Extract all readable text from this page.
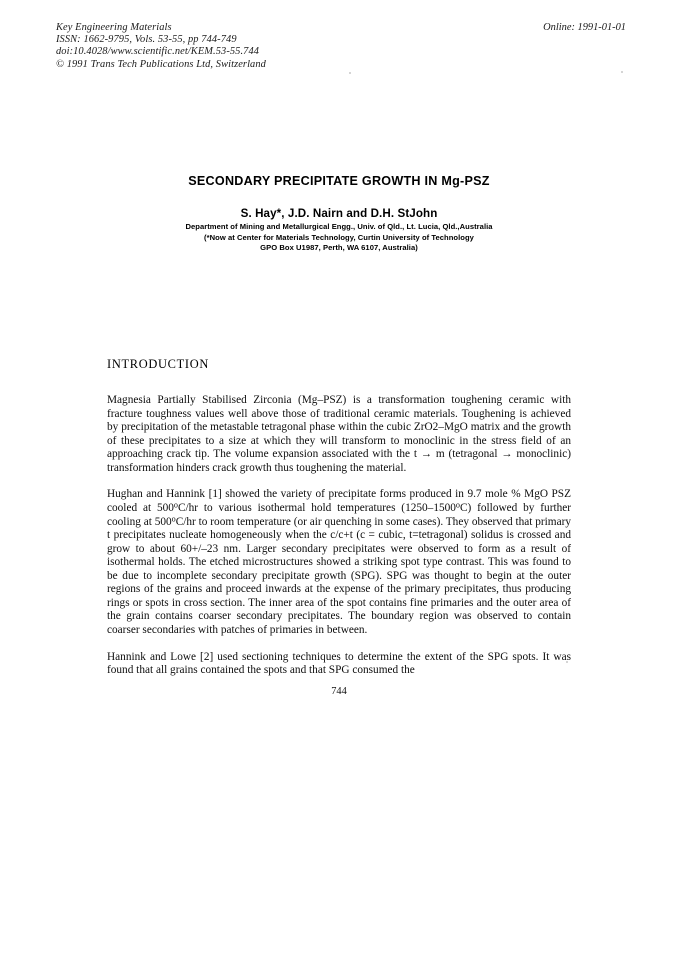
Key Engineering Materials
ISSN: 1662-9795, Vols. 53-55, pp 744-749
doi:10.4028/www.scientific.net/KEM.53-55.744
© 1991 Trans Tech Publications Ltd, Switzerland
Online: 1991-01-01
SECONDARY PRECIPITATE GROWTH IN Mg-PSZ
S. Hay*, J.D. Nairn and D.H. StJohn
Department of Mining and Metallurgical Engg., Univ. of Qld., Lt. Lucia, Qld.,Australia
(*Now at Center for Materials Technology, Curtin University of Technology
GPO Box U1987, Perth, WA 6107, Australia)
INTRODUCTION

Magnesia Partially Stabilised Zirconia (Mg–PSZ) is a transformation toughening ceramic with fracture toughness values well above those of traditional ceramic materials. Toughening is achieved by precipitation of the metastable tetragonal phase within the cubic ZrO2–MgO matrix and the growth of these precipitates to a size at which they will transform to monoclinic in the stress field of an approaching crack tip. The volume expansion associated with the t → m (tetragonal → monoclinic) transformation hinders crack growth thus toughening the material.

Hughan and Hannink [1] showed the variety of precipitate forms produced in 9.7 mole % MgO PSZ cooled at 500$^o$C/hr to various isothermal hold temperatures (1250–1500$^o$C) followed by further cooling at 500$^o$C/hr to room temperature (or air quenching in some cases). They observed that primary t precipitates nucleate homogeneously when the c/c+t (c = cubic, t=tetragonal) solidus is crossed and grow to about 60+/–23 nm. Larger secondary precipitates were observed to form as a result of isothermal holds. The etched microstructures showed a striking spot type contrast. This was found to be due to incomplete secondary precipitate growth (SPG). SPG was thought to begin at the outer regions of the grains and proceed inwards at the expense of the primary precipitates, thus producing rings or spots in cross section. The inner area of the spot contains fine primaries and the outer area of the grain contains coarser secondary precipitates. The boundary region was observed to contain coarser secondaries with patches of primaries in between.

Hannink and Lowe [2] used sectioning techniques to determine the extent of the SPG spots. It was found that all grains contained the spots and that SPG consumed the

744
